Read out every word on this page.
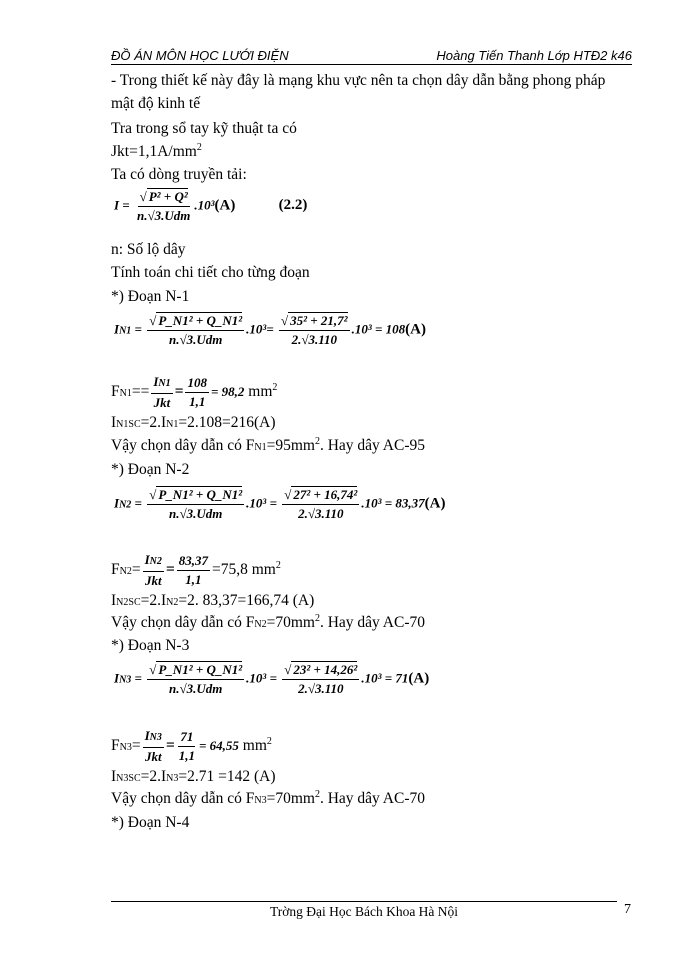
ĐỒ ÁN MÔN HỌC LƯỚI ĐIỆN	Hoàng Tiến Thanh Lớp HTĐ2 k46
- Trong thiết kế này đây là mạng khu vực nên ta chọn dây dẫn bằng phong pháp
mật độ kinh tế
Tra trong sổ tay kỹ thuật ta có
$Jkt=1,1A/mm^2$
Ta có dòng truyền tải:
$I = \frac{\text{√ P² + Q²}}{\text{n.√3.Udm}} .10^3(A)$	(2.2)
n: Số lộ dây
Tính toán chi tiết cho từng đoạn
*) Đoạn N-1
$IN1 = \frac{\text{√ P\_N1² + Q\_N1²}}{\text{n.√3.Udm}} .10^3= \frac{\text{√ 35² + 21,7²}}{2.√3.110} .10^3 = 108(A)$
$FN1== \frac{IN1}{\text{Jkt}} = \frac{108}{1,1} = 98,2$ $mm^2$
IN1SC=2.IN1=2.108=216(A)
Vậy chọn dây dẫn có $FN1=95mm^2$. Hay dây AC-95
*) Đoạn N-2
$IN2 = \frac{\text{√ P\_N1² + Q\_N1²}}{\text{n.√3.Udm}} .10^3 = \frac{\text{√ 27² + 16,74²}}{2.√3.110} .10^3 = 83,37(A)$
$FN2= \frac{IN2}{\text{Jkt}} = \frac{83,37}{1,1} =75,8$ $mm^2$
IN2SC=2.IN2=2. 83,37=166,74 (A)
Vậy chọn dây dẫn có $FN2=70mm^2$. Hay dây AC-70
*) Đoạn N-3
$IN3 = \frac{\text{√ P\_N1² + Q\_N1²}}{\text{n.√3.Udm}} .10^3 = \frac{\text{√ 23² + 14,26²}}{2.√3.110} .10^3 = 71(A)$
$FN3= \frac{IN3}{\text{Jkt}} = \frac{71}{1,1} = 64,55$ $mm^2$
IN3SC=2.IN3=2.71 =142 (A)
Vậy chọn dây dẫn có $FN3=70mm^2$. Hay dây AC-70
*) Đoạn N-4
Trờng Đại Học Bách Khoa Hà Nội	7
